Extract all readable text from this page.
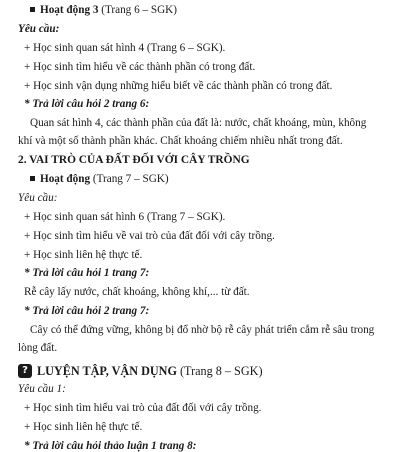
Hoạt động 3 (Trang 6 – SGK)
Yêu cầu:
+ Học sinh quan sát hình 4 (Trang 6 – SGK).
+ Học sinh tìm hiểu về các thành phần có trong đất.
+ Học sinh vận dụng những hiểu biết về các thành phần có trong đất.
* Trả lời câu hỏi 2 trang 6:
Quan sát hình 4, các thành phần của đất là: nước, chất khoáng, mùn, không
khí và một số thành phần khác. Chất khoáng chiếm nhiều nhất trong đất.
2. VAI TRÒ CỦA ĐẤT ĐỐI VỚI CÂY TRỒNG
Hoạt động (Trang 7 – SGK)
Yêu cầu:
+ Học sinh quan sát hình 6 (Trang 7 – SGK).
+ Học sinh tìm hiểu về vai trò của đất đối với cây trồng.
+ Học sinh liên hệ thực tế.
* Trả lời câu hỏi 1 trang 7:
Rễ cây lấy nước, chất khoáng, không khí,... từ đất.
* Trả lời câu hỏi 2 trang 7:
Cây có thể đứng vững, không bị đổ nhờ bộ rễ cây phát triển cắm rễ sâu trong
lòng đất.
? LUYỆN TẬP, VẬN DỤNG (Trang 8 – SGK)
Yêu cầu 1:
+ Học sinh tìm hiểu vai trò của đất đối với cây trồng.
+ Học sinh liên hệ thực tế.
* Trả lời câu hỏi thảo luận 1 trang 8:
